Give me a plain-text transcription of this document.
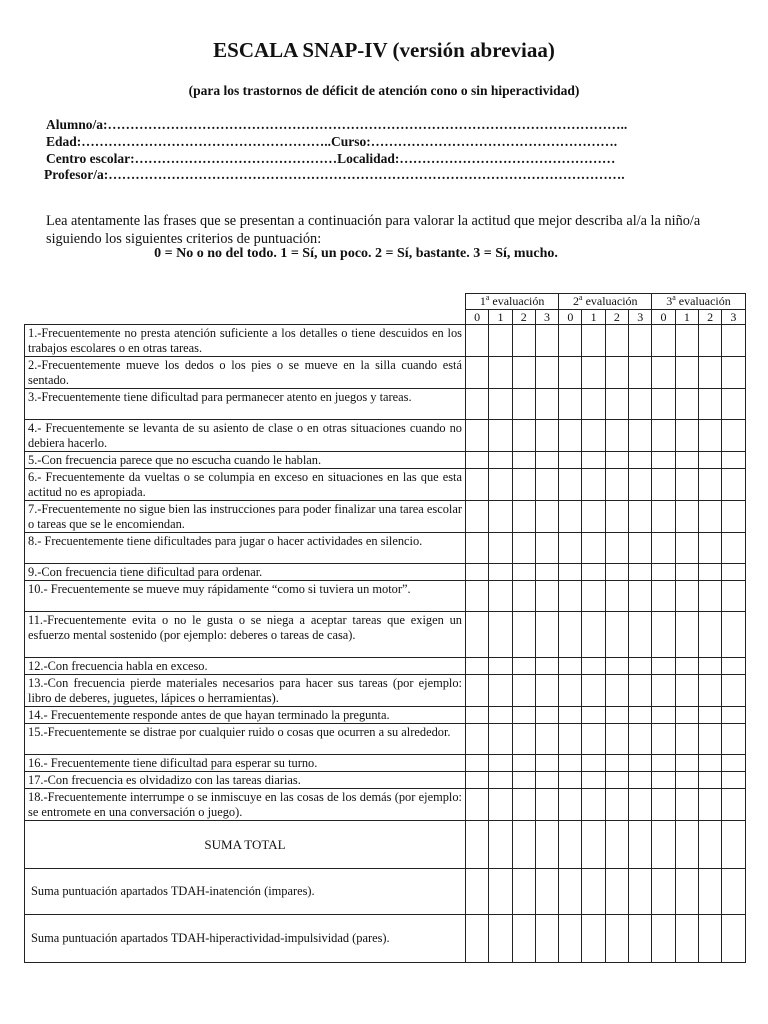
ESCALA SNAP-IV (versión abreviaa)
(para los trastornos de déficit de atención cono o sin hiperactividad)
Alumno/a:……………………………………………………………………………………………………..
Edad:………………………………………………..Curso:……………………………………………….
Centro escolar:………………………………………Localidad:…………………………………………
Profesor/a:…………………………………………………………………………………………………….
Lea atentamente las frases que se presentan a continuación para valorar la actitud que mejor describa al/a la niño/a siguiendo los siguientes criterios de puntuación:
0 = No o no del todo. 1 = Sí, un poco. 2 = Sí, bastante. 3 = Sí, mucho.
	1$^a$ evaluación				2$^a$ evaluación				3$^a$ evaluación			
	0	1	2	3	0	1	2	3	0	1	2	3
1.-Frecuentemente no presta atención suficiente a los detalles o tiene descuidos en los trabajos escolares o en otras tareas.												
2.-Frecuentemente mueve los dedos o los pies o se mueve en la silla cuando está sentado.												
3.-Frecuentemente tiene dificultad para permanecer atento en juegos y tareas.												
4.- Frecuentemente se levanta de su asiento de clase o en otras situaciones cuando no debiera hacerlo.												
5.-Con frecuencia parece que no escucha cuando le hablan.												
6.- Frecuentemente da vueltas o se columpia en exceso en situaciones en las que esta actitud no es apropiada.												
7.-Frecuentemente no sigue bien las instrucciones para poder finalizar una tarea escolar o tareas que se le encomiendan.												
8.- Frecuentemente tiene dificultades para jugar o hacer actividades en silencio.												
9.-Con frecuencia tiene dificultad para ordenar.												
10.- Frecuentemente se mueve muy rápidamente “como si tuviera un motor”.												
11.-Frecuentemente evita o no le gusta o se niega a aceptar tareas que exigen un esfuerzo mental sostenido (por ejemplo: deberes o tareas de casa).												
12.-Con frecuencia habla en exceso.												
13.-Con frecuencia pierde materiales necesarios para hacer sus tareas (por ejemplo: libro de deberes, juguetes, lápices o herramientas).												
14.- Frecuentemente responde antes de que hayan terminado la pregunta.												
15.-Frecuentemente se distrae por cualquier ruido o cosas que ocurren a su alrededor.												
16.- Frecuentemente tiene dificultad para esperar su turno.												
17.-Con frecuencia es olvidadizo con las tareas diarias.												
18.-Frecuentemente interrumpe o se inmiscuye en las cosas de los demás (por ejemplo: se entromete en una conversación o juego).												
SUMA TOTAL												
Suma puntuación apartados TDAH-inatención (impares).												
Suma puntuación apartados TDAH-hiperactividad-impulsividad (pares).												
